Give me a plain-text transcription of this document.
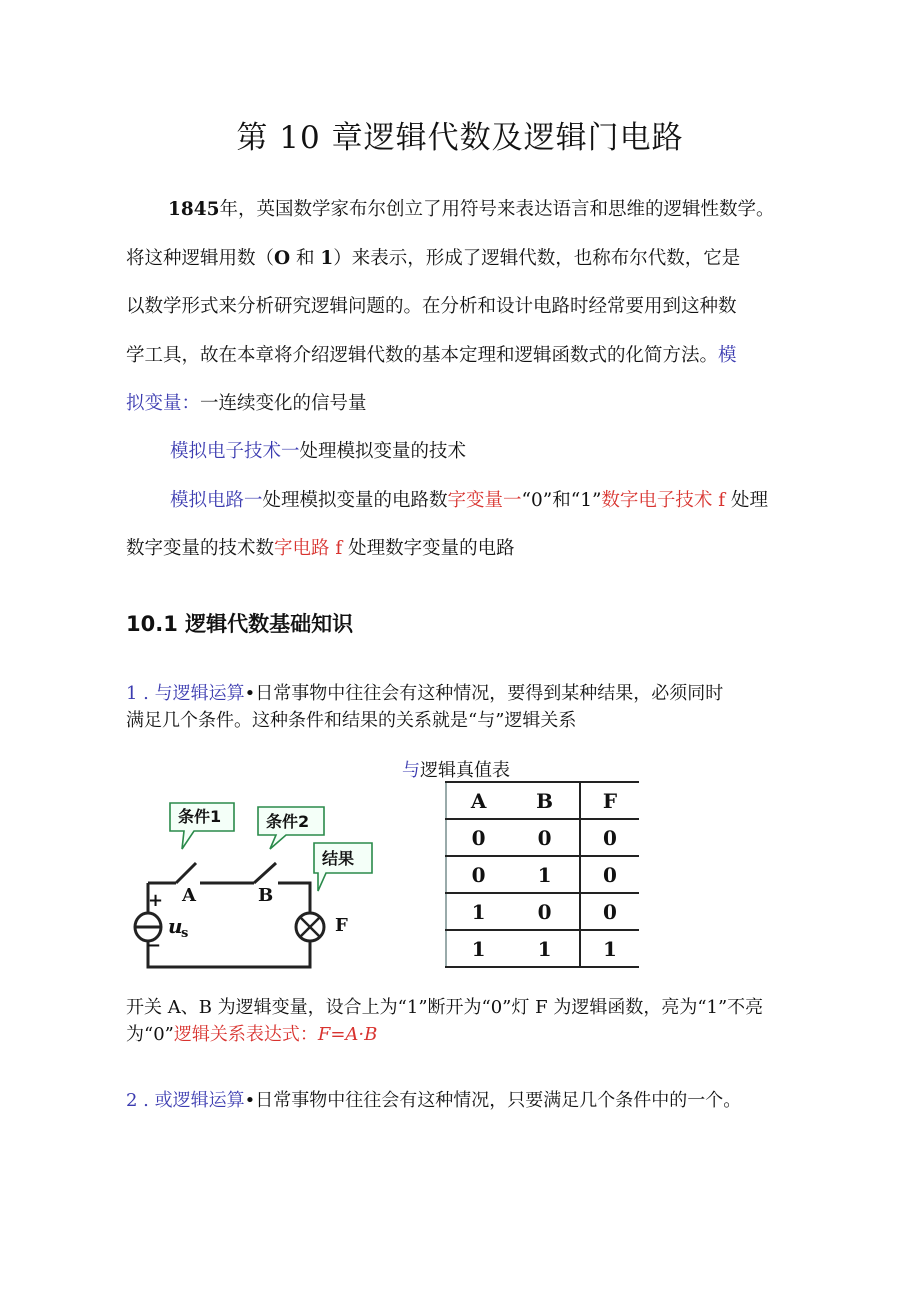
第 10 章逻辑代数及逻辑门电路
1845年，英国数学家布尔创立了用符号来表达语言和思维的逻辑性数学。
将这种逻辑用数（O 和 1）来表示，形成了逻辑代数，也称布尔代数，它是
以数学形式来分析研究逻辑问题的。在分析和设计电路时经常要用到这种数
学工具，故在本章将介绍逻辑代数的基本定理和逻辑函数式的化简方法。模
拟变量：一连续变化的信号量
模拟电子技术一处理模拟变量的技术
模拟电路一处理模拟变量的电路数字变量一“0”和“1”数字电子技术 f 处理
数字变量的技术数字电路 f 处理数字变量的电路
10.1 逻辑代数基础知识
1 . 与逻辑运算•日常事物中往往会有这种情况，要得到某种结果，必须同时
满足几个条件。这种条件和结果的关系就是“与”逻辑关系
条件1	条件2
结果
A	B
F
+
−
u
s
与逻辑真值表
A	B	F
0	0	0
0	1	0
1	0	0
1	1	1
开关 A、B 为逻辑变量，设合上为“1”断开为“0”灯 F 为逻辑函数，亮为“1”不亮
为“0”逻辑关系表达式：F=A·B
2 . 或逻辑运算•日常事物中往往会有这种情况，只要满足几个条件中的一个。
